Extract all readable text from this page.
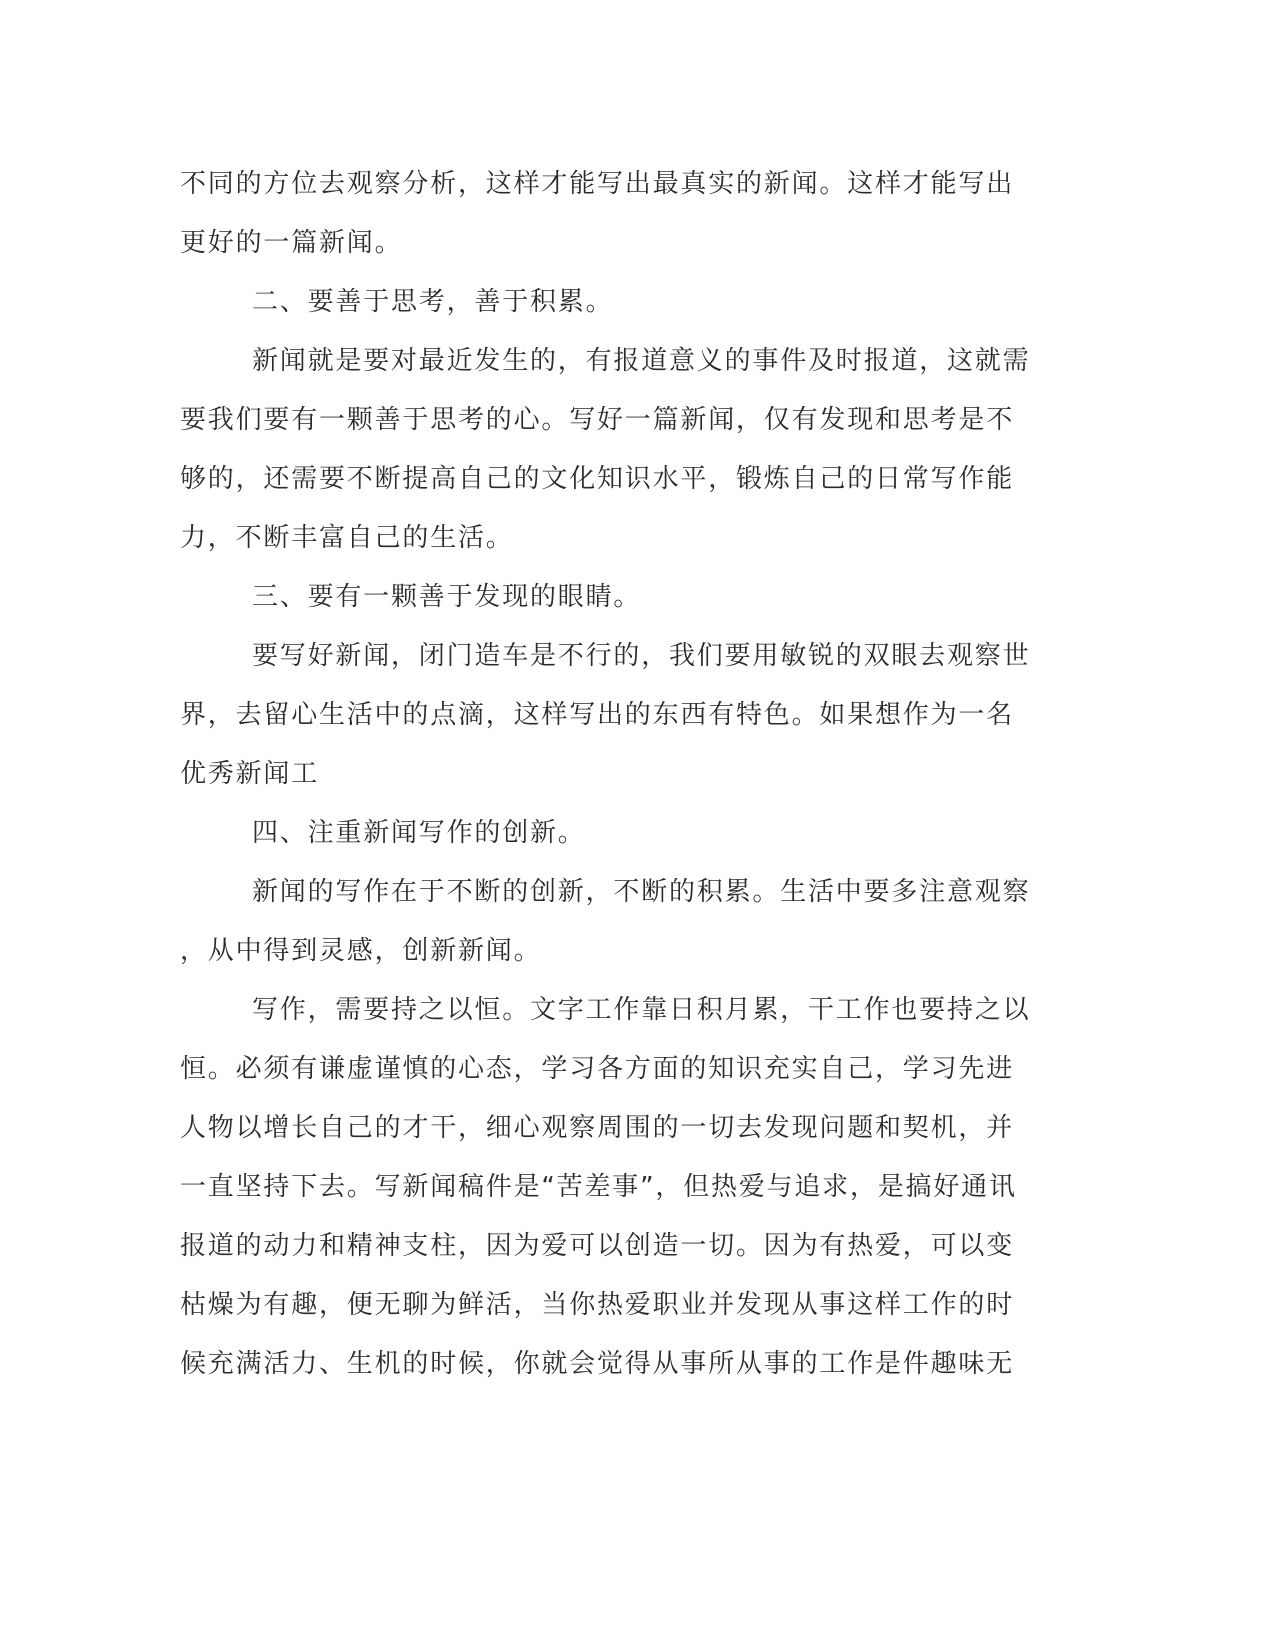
不同的方位去观察分析，这样才能写出最真实的新闻。这样才能写出
更好的一篇新闻。
二、要善于思考，善于积累。
新闻就是要对最近发生的，有报道意义的事件及时报道，这就需
要我们要有一颗善于思考的心。写好一篇新闻，仅有发现和思考是不
够的，还需要不断提高自己的文化知识水平，锻炼自己的日常写作能
力，不断丰富自己的生活。
三、要有一颗善于发现的眼睛。
要写好新闻，闭门造车是不行的，我们要用敏锐的双眼去观察世
界，去留心生活中的点滴，这样写出的东西有特色。如果想作为一名
优秀新闻工
四、注重新闻写作的创新。
新闻的写作在于不断的创新，不断的积累。生活中要多注意观察
，从中得到灵感，创新新闻。
写作，需要持之以恒。文字工作靠日积月累，干工作也要持之以
恒。必须有谦虚谨慎的心态，学习各方面的知识充实自己，学习先进
人物以增长自己的才干，细心观察周围的一切去发现问题和契机，并
一直坚持下去。写新闻稿件是“苦差事”，但热爱与追求，是搞好通讯
报道的动力和精神支柱，因为爱可以创造一切。因为有热爱，可以变
枯燥为有趣，便无聊为鲜活，当你热爱职业并发现从事这样工作的时
候充满活力、生机的时候，你就会觉得从事所从事的工作是件趣味无
